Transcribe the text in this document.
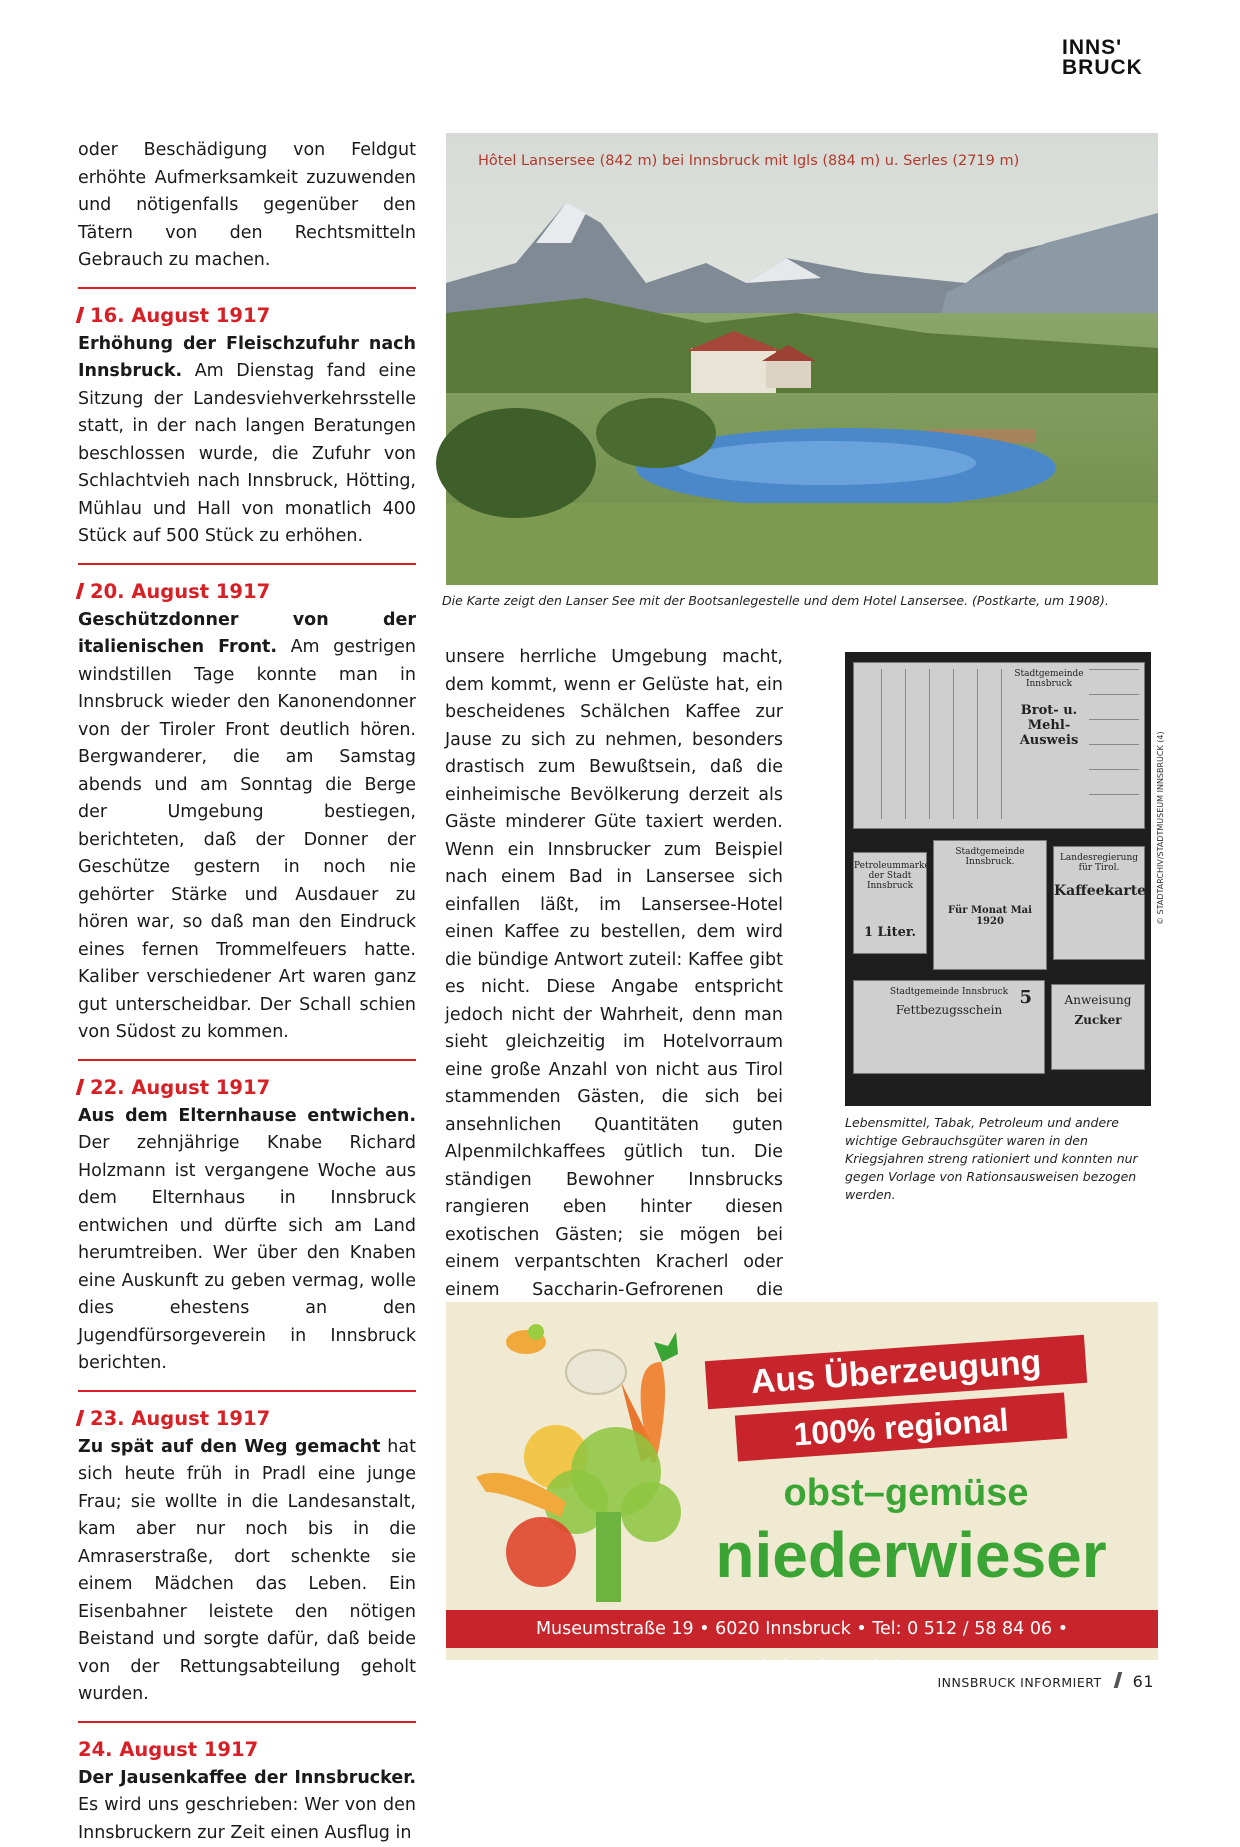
INNS'
BRUCK

oder Beschädigung von Feldgut erhöhte Aufmerksamkeit zuzuwenden und nötigenfalls gegenüber den Tätern von den Rechtsmitteln Gebrauch zu machen.

16. August 1917

Erhöhung der Fleischzufuhr nach Innsbruck. Am Dienstag fand eine Sitzung der Landesviehverkehrsstelle statt, in der nach langen Beratungen beschlossen wurde, die Zufuhr von Schlachtvieh nach Innsbruck, Hötting, Mühlau und Hall von monatlich 400 Stück auf 500 Stück zu erhöhen.

20. August 1917

Geschützdonner von der italienischen Front. Am gestrigen windstillen Tage konnte man in Innsbruck wieder den Kanonendonner von der Tiroler Front deutlich hören. Bergwanderer, die am Samstag abends und am Sonntag die Berge der Umgebung bestiegen, berichteten, daß der Donner der Geschütze gestern in noch nie gehörter Stärke und Ausdauer zu hören war, so daß man den Eindruck eines fernen Trommelfeuers hatte. Kaliber verschiedener Art waren ganz gut unterscheidbar. Der Schall schien von Südost zu kommen.

22. August 1917

Aus dem Elternhause entwichen. Der zehnjährige Knabe Richard Holzmann ist vergangene Woche aus dem Elternhaus in Innsbruck entwichen und dürfte sich am Land herumtreiben. Wer über den Knaben eine Auskunft zu geben vermag, wolle dies ehestens an den Jugendfürsorgeverein in Innsbruck berichten.

23. August 1917

Zu spät auf den Weg gemacht hat sich heute früh in Pradl eine junge Frau; sie wollte in die Landesanstalt, kam aber nur noch bis in die Amraserstraße, dort schenkte sie einem Mädchen das Leben. Ein Eisenbahner leistete den nötigen Beistand und sorgte dafür, daß beide von der Rettungsabteilung geholt wurden.

24. August 1917

Der Jausenkaffee der Innsbrucker. Es wird uns geschrieben: Wer von den Innsbruckern zur Zeit einen Ausflug in

Hôtel Lansersee (842 m) bei Innsbruck mit Igls (884 m) u. Serles (2719 m)
Die Karte zeigt den Lanser See mit der Bootsanlegestelle und dem Hotel Lansersee. (Postkarte, um 1908).

unsere herrliche Umgebung macht, dem kommt, wenn er Gelüste hat, ein bescheidenes Schälchen Kaffee zur Jause zu sich zu nehmen, besonders drastisch zum Bewußtsein, daß die einheimische Bevölkerung derzeit als Gäste minderer Güte taxiert werden. Wenn ein Innsbrucker zum Beispiel nach einem Bad in Lansersee sich einfallen läßt, im Lansersee-Hotel einen Kaffee zu bestellen, dem wird die bündige Antwort zuteil: Kaffee gibt es nicht. Diese Angabe entspricht jedoch nicht der Wahrheit, denn man sieht gleichzeitig im Hotelvorraum eine große Anzahl von nicht aus Tirol stammenden Gästen, die sich bei ansehnlichen Quantitäten guten Alpenmilchkaffees gütlich tun. Die ständigen Bewohner Innsbrucks rangieren eben hinter diesen exotischen Gästen; sie mögen bei einem verpantschten Kracherl oder einem Saccharin-Gefrorenen die

Stadtgemeinde Innsbruck
Brot- u. Mehl-Ausweis
Petroleummarke der Stadt Innsbruck
1 Liter.
Stadtgemeinde Innsbruck.
Für Monat Mai 1920
Landesregierung für Tirol.
Kaffeekarte
Stadtgemeinde Innsbruck
Fettbezugsschein
5	Anweisung
Zucker
© STADTARCHIV/STADTMUSEUM INNSBRUCK (4)
Lebensmittel, Tabak, Petroleum und andere wichtige Gebrauchsgüter waren in den Kriegsjahren streng rationiert und konnten nur gegen Vorlage von Rationsausweisen bezogen werden.
Aus Überzeugung
100% regional
obst–gemüse
niederwieser
Museumstraße 19 • 6020 Innsbruck • Tel: 0 512 / 58 84 06 • www.niederwieser.tirol
INNSBRUCK INFORMIERT 61
